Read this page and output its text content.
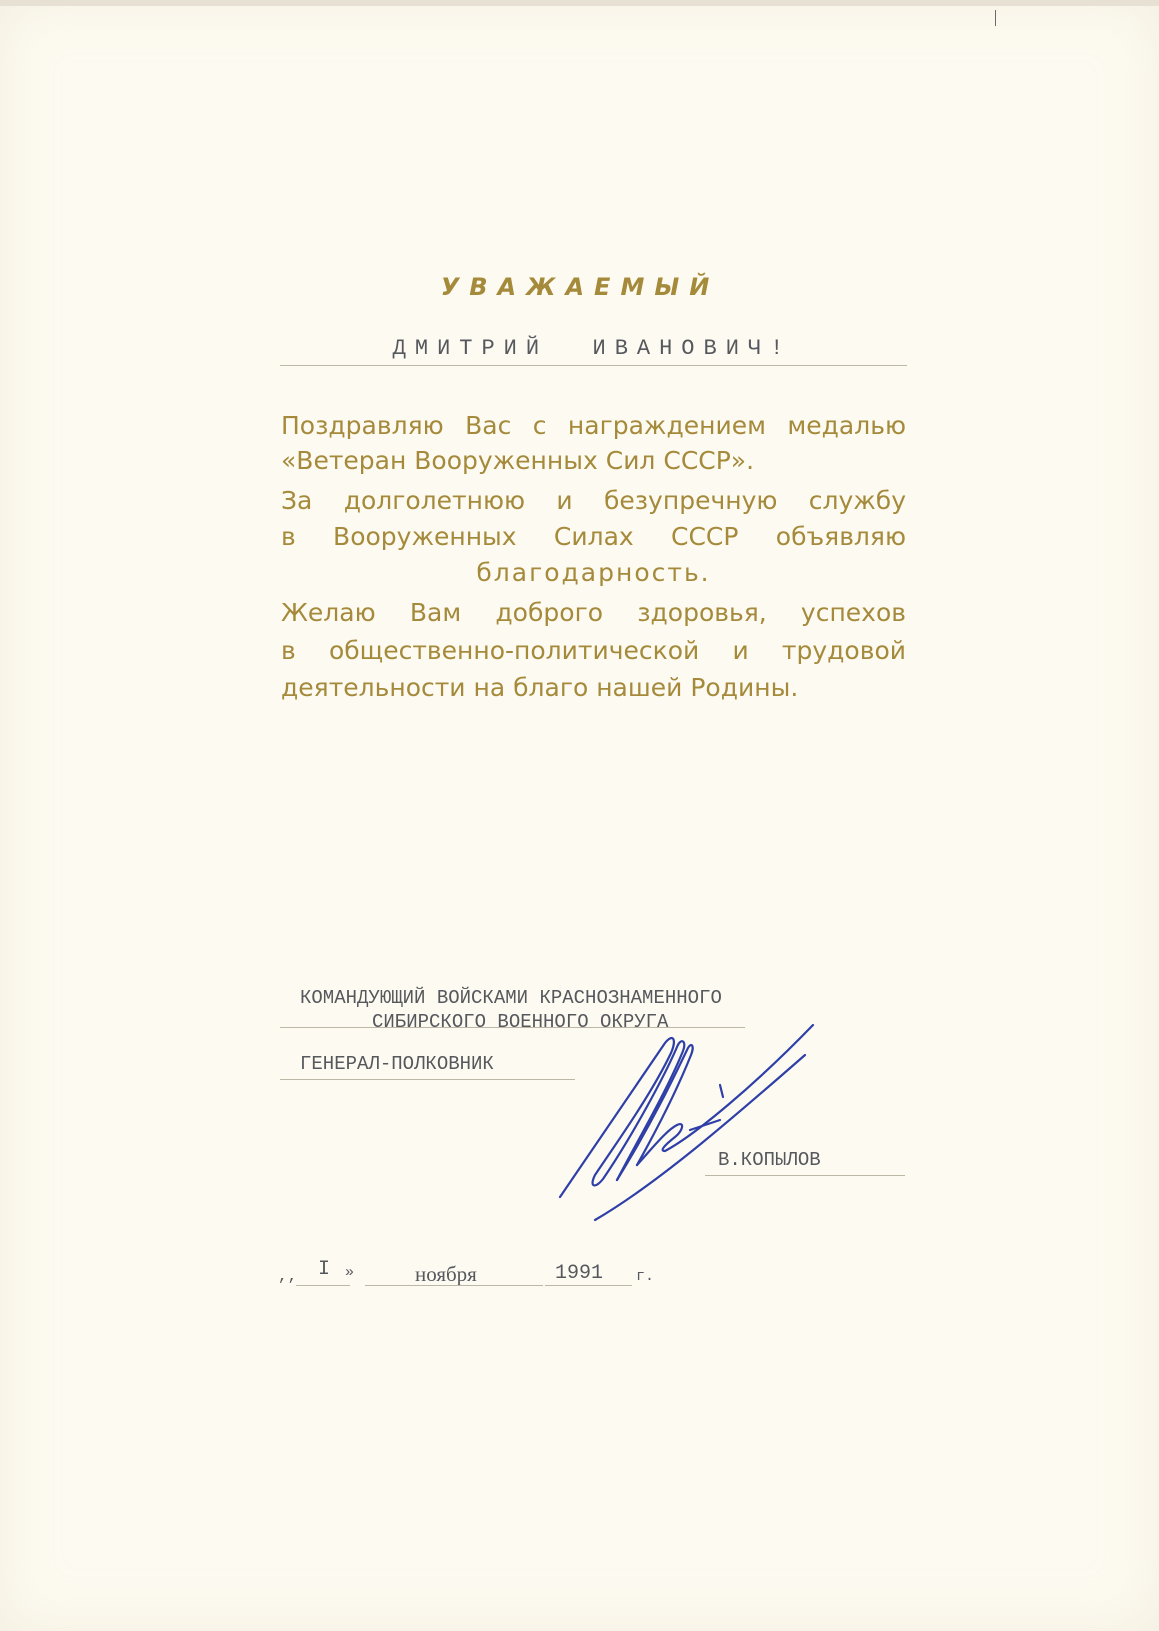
УВАЖАЕМЫЙ
ДМИТРИЙ  ИВАНОВИЧ!
Поздравляю Вас с награждением медалью
«Ветеран Вооруженных Сил СССР».
За долголетнюю и безупречную службу
в Вооруженных Силах СССР объявляю
благодарность.
Желаю Вам доброго здоровья, успехов
в общественно-политической и трудовой
деятельности на благо нашей Родины.
КОМАНДУЮЩИЙ ВОЙСКАМИ КРАСНОЗНАМЕННОГО
СИБИРСКОГО ВОЕННОГО ОКРУГА
ГЕНЕРАЛ-ПОЛКОВНИК
В.КОПЫЛОВ
,, I »	ноября	1991 г.
